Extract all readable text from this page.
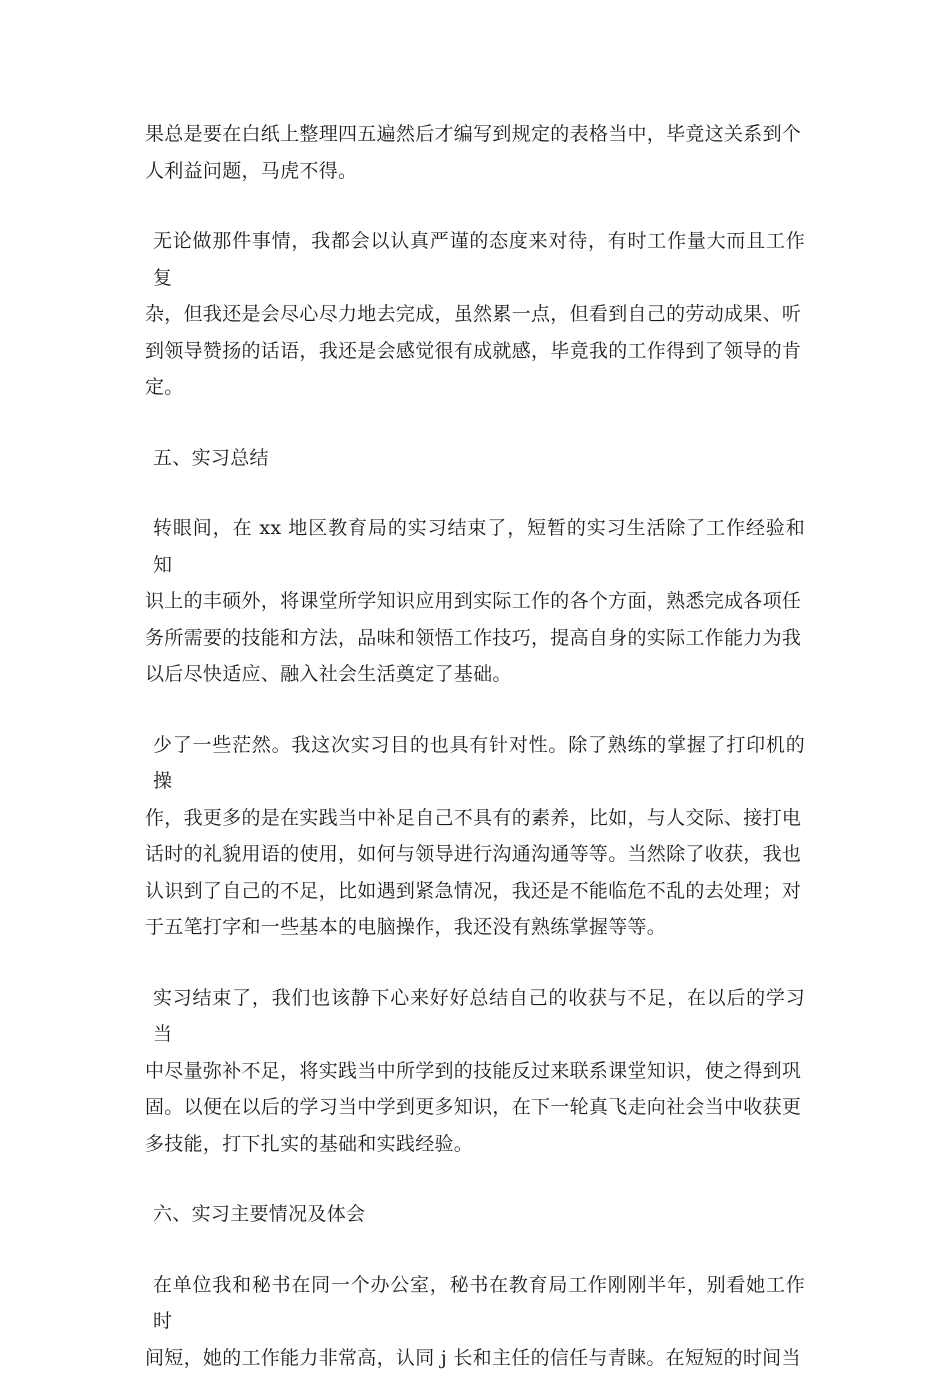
果总是要在白纸上整理四五遍然后才编写到规定的表格当中，毕竟这关系到个
人利益问题，马虎不得。
无论做那件事情，我都会以认真严谨的态度来对待，有时工作量大而且工作复
杂，但我还是会尽心尽力地去完成，虽然累一点，但看到自己的劳动成果、听
到领导赞扬的话语，我还是会感觉很有成就感，毕竟我的工作得到了领导的肯
定。
五、实习总结
转眼间，在 xx 地区教育局的实习结束了，短暂的实习生活除了工作经验和知
识上的丰硕外，将课堂所学知识应用到实际工作的各个方面，熟悉完成各项任
务所需要的技能和方法，品味和领悟工作技巧，提高自身的实际工作能力为我
以后尽快适应、融入社会生活奠定了基础。
少了一些茫然。我这次实习目的也具有针对性。除了熟练的掌握了打印机的操
作，我更多的是在实践当中补足自己不具有的素养，比如，与人交际、接打电
话时的礼貌用语的使用，如何与领导进行沟通沟通等等。当然除了收获，我也
认识到了自己的不足，比如遇到紧急情况，我还是不能临危不乱的去处理；对
于五笔打字和一些基本的电脑操作，我还没有熟练掌握等等。
实习结束了，我们也该静下心来好好总结自己的收获与不足，在以后的学习当
中尽量弥补不足，将实践当中所学到的技能反过来联系课堂知识，使之得到巩
固。以便在以后的学习当中学到更多知识，在下一轮真飞走向社会当中收获更
多技能，打下扎实的基础和实践经验。
六、实习主要情况及体会
在单位我和秘书在同一个办公室，秘书在教育局工作刚刚半年，别看她工作时
间短，她的工作能力非常高，认同 j 长和主任的信任与青睐。在短短的时间当
